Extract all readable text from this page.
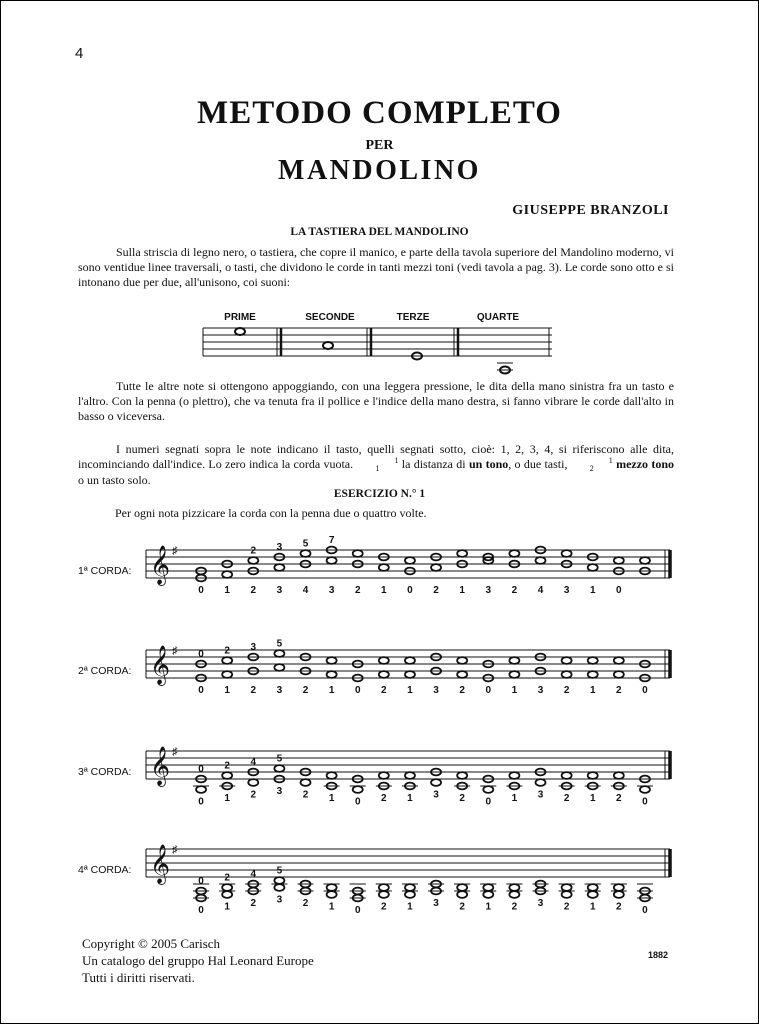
4
METODO COMPLETO
PER
MANDOLINO
GIUSEPPE BRANZOLI
LA TASTIERA DEL MANDOLINO

Sulla striscia di legno nero, o tastiera, che copre il manico, e parte della tavola superiore del Mandolino moderno, vi sono ventidue linee traversali, o tasti, che dividono le corde in tanti mezzi toni (vedi tavola a pag. 3). Le corde sono otto e si intonano due per due, all'unisono, coi suoni:

PRIME	SECONDE	TERZE	QUARTE

Tutte le altre note si ottengono appoggiando, con una leggera pressione, le dita della mano sinistra fra un tasto e l'altro. Con la penna (o plettro), che va tenuta fra il pollice e l'indice della mano destra, si fanno vibrare le corde dall'alto in basso o viceversa.

I numeri segnati sopra le note indicano il tasto, quelli segnati sotto, cioè: 1, 2, 3, 4, si riferiscono alle dita, incominciando dall'indice. Lo zero indica la corda vuota.	1
1 la distanza di un tono, o due tasti,	1
2 mezzo tono o un tasto solo.

ESERCIZIO N.° 1
Per ogni nota pizzicare la corda con la penna due o quattro volte.
1ª CORDA: 𝄞 ♯
0 1
2
2
3
3
5
4
7
3 2 1 0 2 1 3 2 4 3 1 0
2ª CORDA: 𝄞 ♯ 0
0
2
1
3
2
5
3 2 1 0 2 1 3 2 0 1 3 2 1 2 0
3ª CORDA: 𝄞 ♯
0
0
2
1
4
2
5
3 2 1 0 2 1 3 2 0 1 3 2 1 2 0
4ª CORDA: 𝄞 ♯
0
0
2
1
4
2
5
3 2 1 0 2 1 3 2 1 2 3 2 1 2 0
Copyright © 2005 Carisch
Un catalogo del gruppo Hal Leonard Europe
Tutti i diritti riservati.
1882
